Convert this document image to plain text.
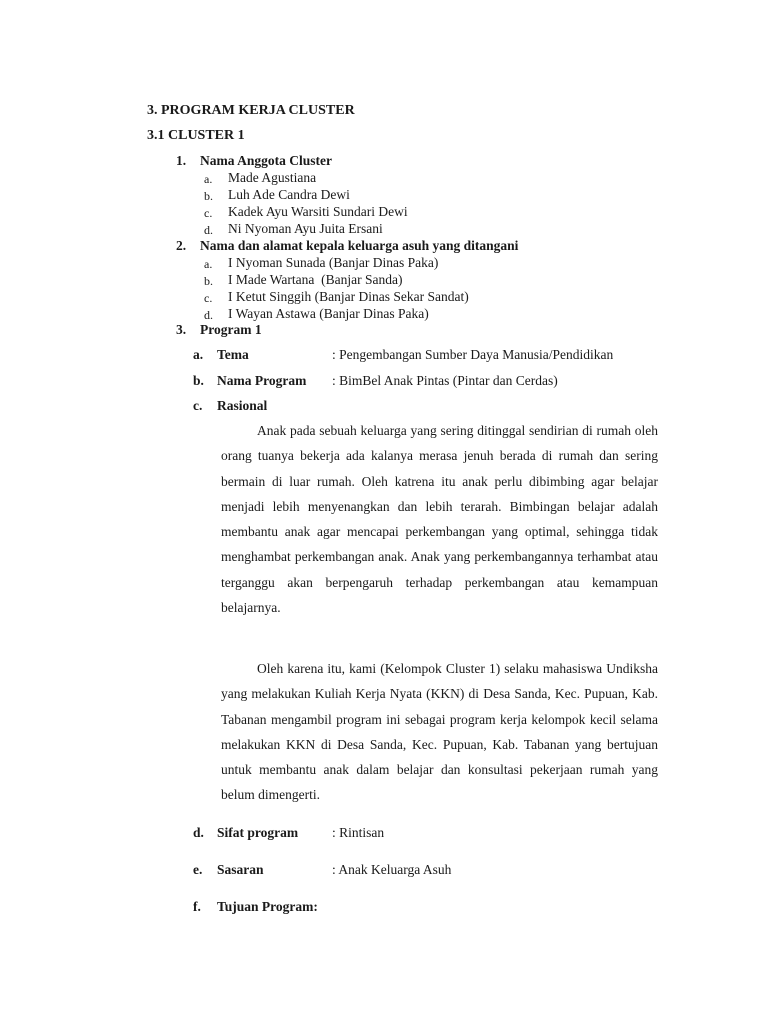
3. PROGRAM KERJA CLUSTER
3.1 CLUSTER 1
1. Nama Anggota Cluster
a. Made Agustiana
b. Luh Ade Candra Dewi
c. Kadek Ayu Warsiti Sundari Dewi
d. Ni Nyoman Ayu Juita Ersani
2. Nama dan alamat kepala keluarga asuh yang ditangani
a. I Nyoman Sunada (Banjar Dinas Paka)
b. I Made Wartana  (Banjar Sanda)
c. I Ketut Singgih (Banjar Dinas Sekar Sandat)
d. I Wayan Astawa (Banjar Dinas Paka)
3. Program 1
a. Tema	: Pengembangan Sumber Daya Manusia/Pendidikan
b. Nama Program : BimBel Anak Pintas (Pintar dan Cerdas)
c. Rasional
Anak pada sebuah keluarga yang sering ditinggal sendirian di rumah oleh orang tuanya bekerja ada kalanya merasa jenuh berada di rumah dan sering bermain di luar rumah. Oleh katrena itu anak perlu dibimbing agar belajar menjadi lebih menyenangkan dan lebih terarah. Bimbingan belajar adalah membantu anak agar mencapai perkembangan yang optimal, sehingga tidak menghambat perkembangan anak. Anak yang perkembangannya terhambat atau terganggu akan berpengaruh terhadap perkembangan atau kemampuan belajarnya.
Oleh karena itu, kami (Kelompok Cluster 1) selaku mahasiswa Undiksha yang melakukan Kuliah Kerja Nyata (KKN) di Desa Sanda, Kec. Pupuan, Kab. Tabanan mengambil program ini sebagai program kerja kelompok kecil selama melakukan KKN di Desa Sanda, Kec. Pupuan, Kab. Tabanan yang bertujuan untuk membantu anak dalam belajar dan konsultasi pekerjaan rumah yang belum dimengerti.
d. Sifat program	: Rintisan
e. Sasaran	: Anak Keluarga Asuh
f. Tujuan Program:
